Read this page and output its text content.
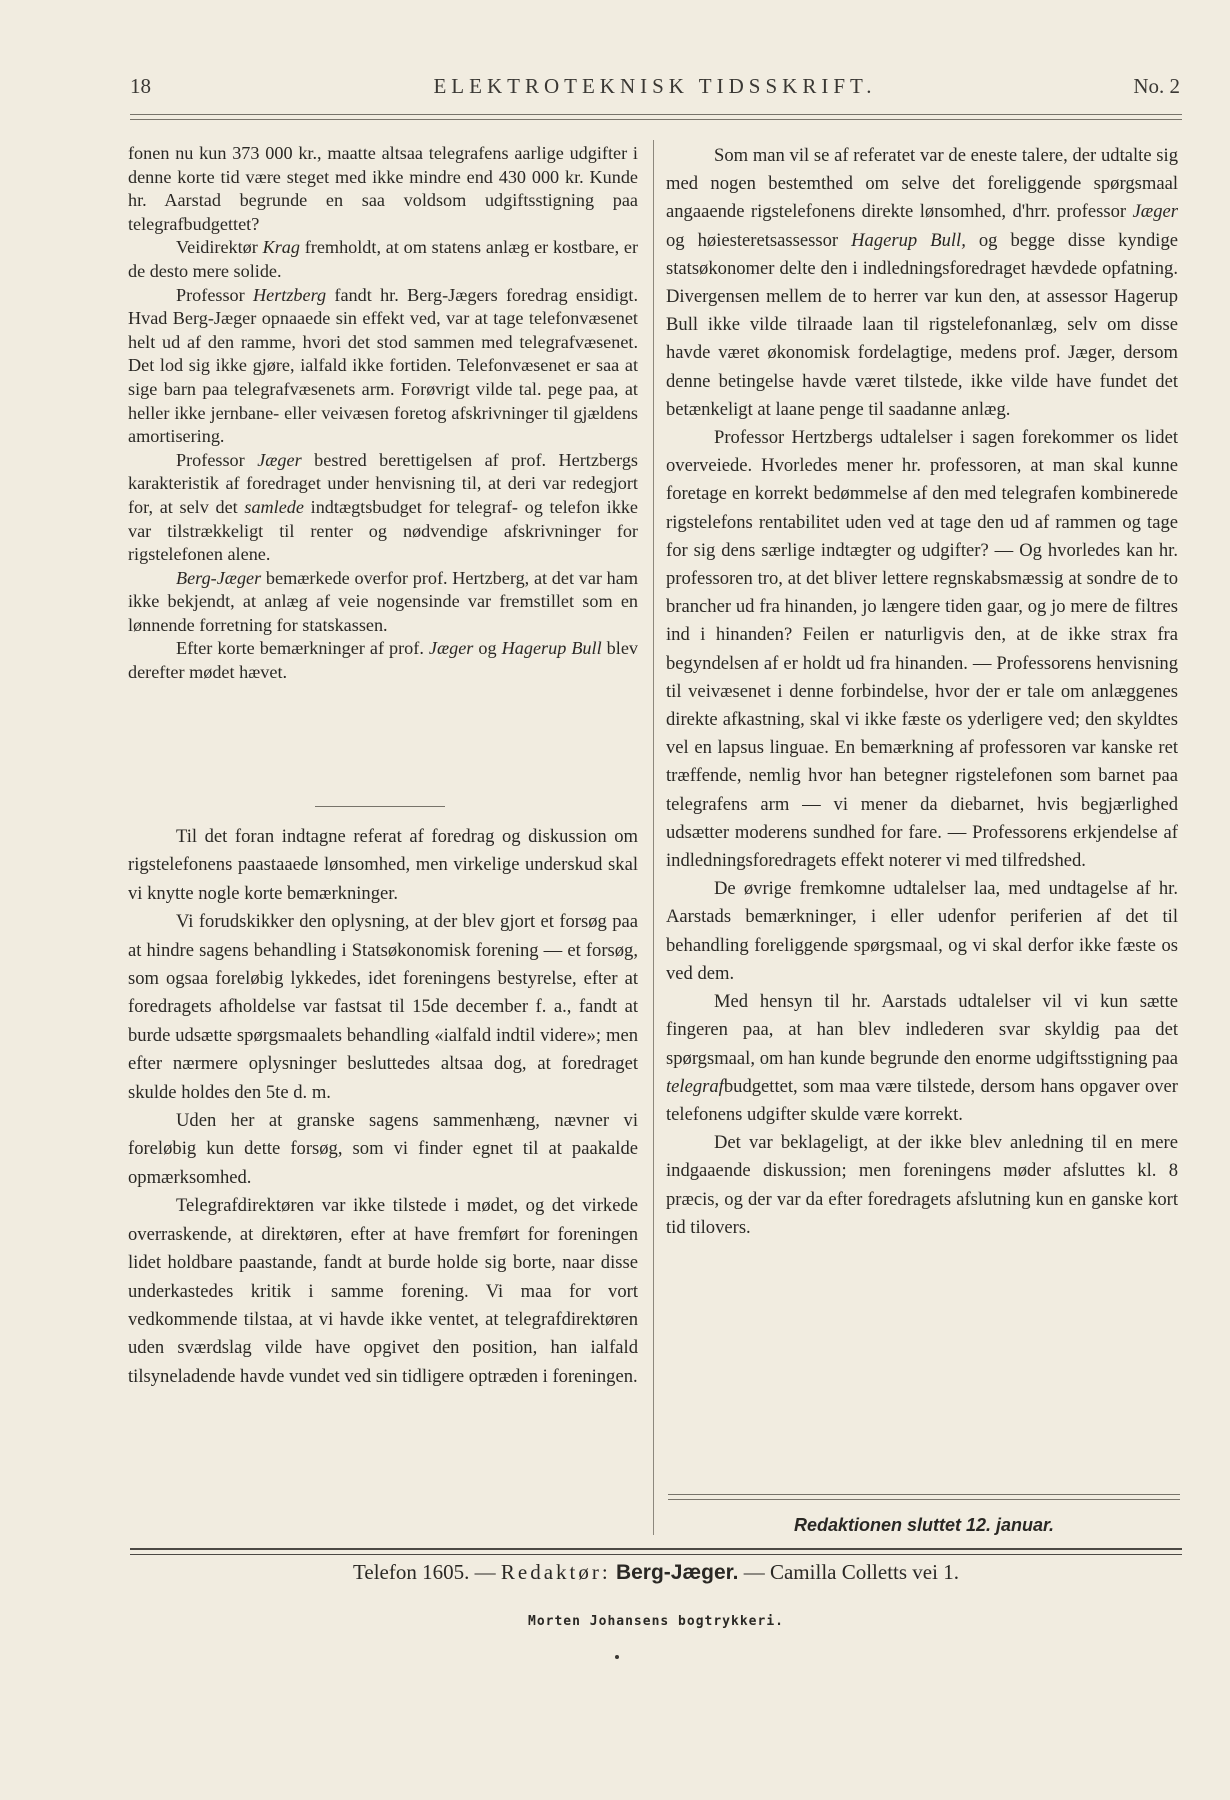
18	ELEKTROTEKNISK TIDSSKRIFT.	No. 2

fonen nu kun 373 000 kr., maatte altsaa telegrafens aarlige udgifter i denne korte tid være steget med ikke mindre end 430 000 kr. Kunde hr. Aarstad begrunde en saa voldsom udgiftsstigning paa telegrafbudgettet?

Veidirektør Krag fremholdt, at om statens anlæg er kostbare, er de desto mere solide.

Professor Hertzberg fandt hr. Berg-Jægers foredrag ensidigt. Hvad Berg-Jæger opnaaede sin effekt ved, var at tage telefonvæsenet helt ud af den ramme, hvori det stod sammen med telegrafvæsenet. Det lod sig ikke gjøre, ialfald ikke fortiden. Telefonvæsenet er saa at sige barn paa telegrafvæsenets arm. Forøvrigt vilde tal. pege paa, at heller ikke jernbane- eller veivæsen foretog afskrivninger til gjældens amortisering.

Professor Jæger bestred berettigelsen af prof. Hertzbergs karakteristik af foredraget under henvisning til, at deri var redegjort for, at selv det samlede indtægtsbudget for telegraf- og telefon ikke var tilstrækkeligt til renter og nødvendige afskrivninger for rigstelefonen alene.

Berg-Jæger bemærkede overfor prof. Hertzberg, at det var ham ikke bekjendt, at anlæg af veie nogensinde var fremstillet som en lønnende forretning for statskassen.

Efter korte bemærkninger af prof. Jæger og Hagerup Bull blev derefter mødet hævet.

Til det foran indtagne referat af foredrag og diskussion om rigstelefonens paastaaede lønsomhed, men virkelige underskud skal vi knytte nogle korte bemærkninger.

Vi forudskikker den oplysning, at der blev gjort et forsøg paa at hindre sagens behandling i Statsøkonomisk forening — et forsøg, som ogsaa foreløbig lykkedes, idet foreningens bestyrelse, efter at foredragets afholdelse var fastsat til 15de december f. a., fandt at burde udsætte spørgsmaalets behandling «ialfald indtil videre»; men efter nærmere oplysninger besluttedes altsaa dog, at foredraget skulde holdes den 5te d. m.

Uden her at granske sagens sammenhæng, nævner vi foreløbig kun dette forsøg, som vi finder egnet til at paakalde opmærksomhed.

Telegrafdirektøren var ikke tilstede i mødet, og det virkede overraskende, at direktøren, efter at have fremført for foreningen lidet holdbare paastande, fandt at burde holde sig borte, naar disse underkastedes kritik i samme forening. Vi maa for vort vedkommende tilstaa, at vi havde ikke ventet, at telegrafdirektøren uden sværdslag vilde have opgivet den position, han ialfald tilsyneladende havde vundet ved sin tidligere optræden i foreningen.

Som man vil se af referatet var de eneste talere, der udtalte sig med nogen bestemthed om selve det foreliggende spørgsmaal angaaende rigstelefonens direkte lønsomhed, d'hrr. professor Jæger og høiesteretsassessor Hagerup Bull, og begge disse kyndige statsøkonomer delte den i indledningsforedraget hævdede opfatning. Divergensen mellem de to herrer var kun den, at assessor Hagerup Bull ikke vilde tilraade laan til rigstelefonanlæg, selv om disse havde været økonomisk fordelagtige, medens prof. Jæger, dersom denne betingelse havde været tilstede, ikke vilde have fundet det betænkeligt at laane penge til saadanne anlæg.

Professor Hertzbergs udtalelser i sagen forekommer os lidet overveiede. Hvorledes mener hr. professoren, at man skal kunne foretage en korrekt bedømmelse af den med telegrafen kombinerede rigstelefons rentabilitet uden ved at tage den ud af rammen og tage for sig dens særlige indtægter og udgifter? — Og hvorledes kan hr. professoren tro, at det bliver lettere regnskabsmæssig at sondre de to brancher ud fra hinanden, jo længere tiden gaar, og jo mere de filtres ind i hinanden? Feilen er naturligvis den, at de ikke strax fra begyndelsen af er holdt ud fra hinanden. — Professorens henvisning til veivæsenet i denne forbindelse, hvor der er tale om anlæggenes direkte afkastning, skal vi ikke fæste os yderligere ved; den skyldtes vel en lapsus linguae. En bemærkning af professoren var kanske ret træffende, nemlig hvor han betegner rigstelefonen som barnet paa telegrafens arm — vi mener da diebarnet, hvis begjærlighed udsætter moderens sundhed for fare. — Professorens erkjendelse af indledningsforedragets effekt noterer vi med tilfredshed.

De øvrige fremkomne udtalelser laa, med undtagelse af hr. Aarstads bemærkninger, i eller udenfor periferien af det til behandling foreliggende spørgsmaal, og vi skal derfor ikke fæste os ved dem.

Med hensyn til hr. Aarstads udtalelser vil vi kun sætte fingeren paa, at han blev indlederen svar skyldig paa det spørgsmaal, om han kunde begrunde den enorme udgiftsstigning paa telegrafbudgettet, som maa være tilstede, dersom hans opgaver over telefonens udgifter skulde være korrekt.

Det var beklageligt, at der ikke blev anledning til en mere indgaaende diskussion; men foreningens møder afsluttes kl. 8 præcis, og der var da efter foredragets afslutning kun en ganske kort tid tilovers.

Redaktionen sluttet 12. januar.
Telefon 1605. — Redaktør: Berg-Jæger. — Camilla Colletts vei 1.
Morten Johansens bogtrykkeri.
